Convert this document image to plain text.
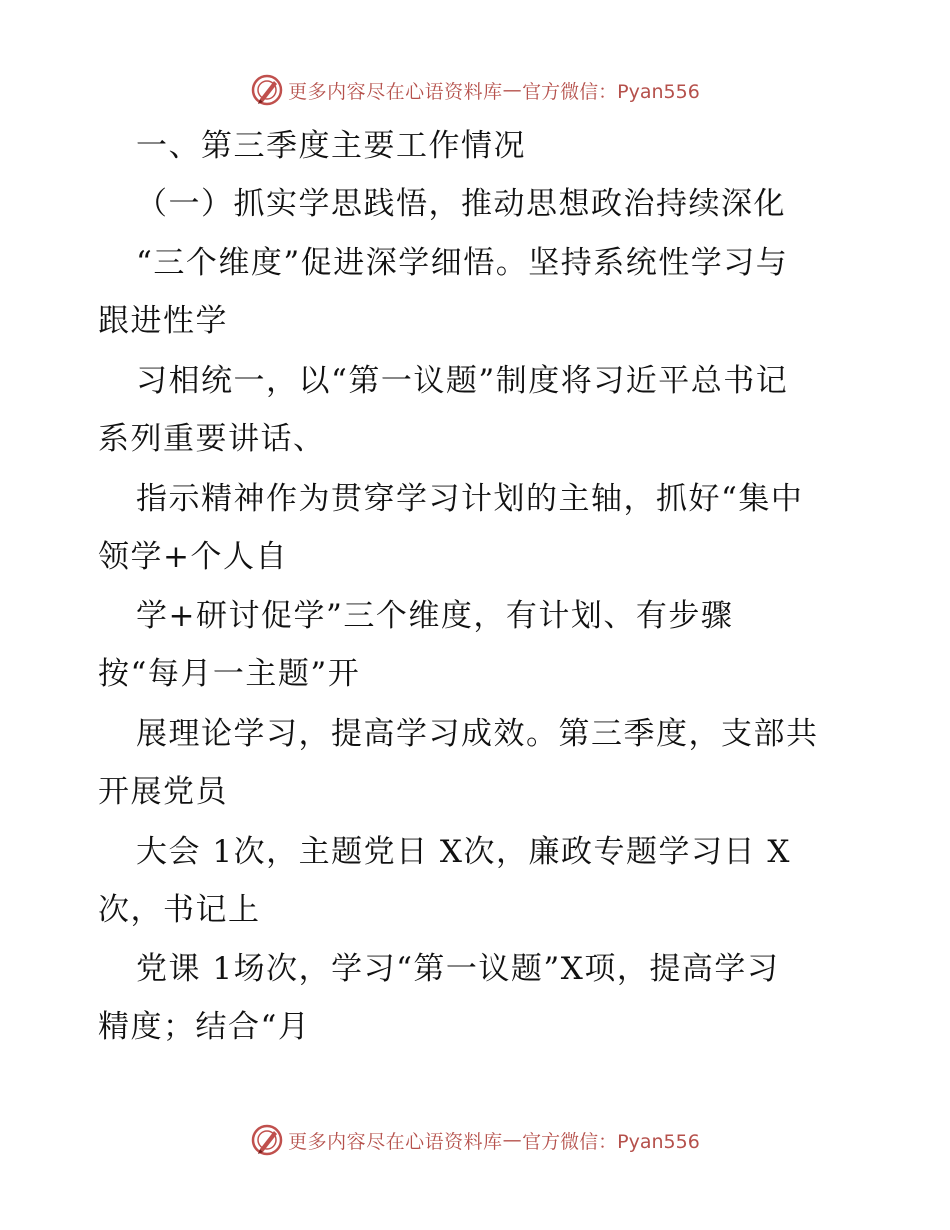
更多内容尽在心语资料库 — 官方微信：Pyan556
一、第三季度主要工作情况
（一）抓实学思践悟，推动思想政治持续深化
“三个维度”促进深学细悟。坚持系统性学习与
跟进性学
习相统一，以“第一议题”制度将习近平总书记
系列重要讲话、
指示精神作为贯穿学习计划的主轴，抓好“集中
领学+个人自
学+研讨促学”三个维度，有计划、有步骤
按“每月一主题”开
展理论学习，提高学习成效。第三季度，支部共
开展党员
大会 1次，主题党日 X次，廉政专题学习日 X
次，书记上
党课 1场次，学习“第一议题”X项，提高学习
精度；结合“月
更多内容尽在心语资料库 — 官方微信：Pyan556
